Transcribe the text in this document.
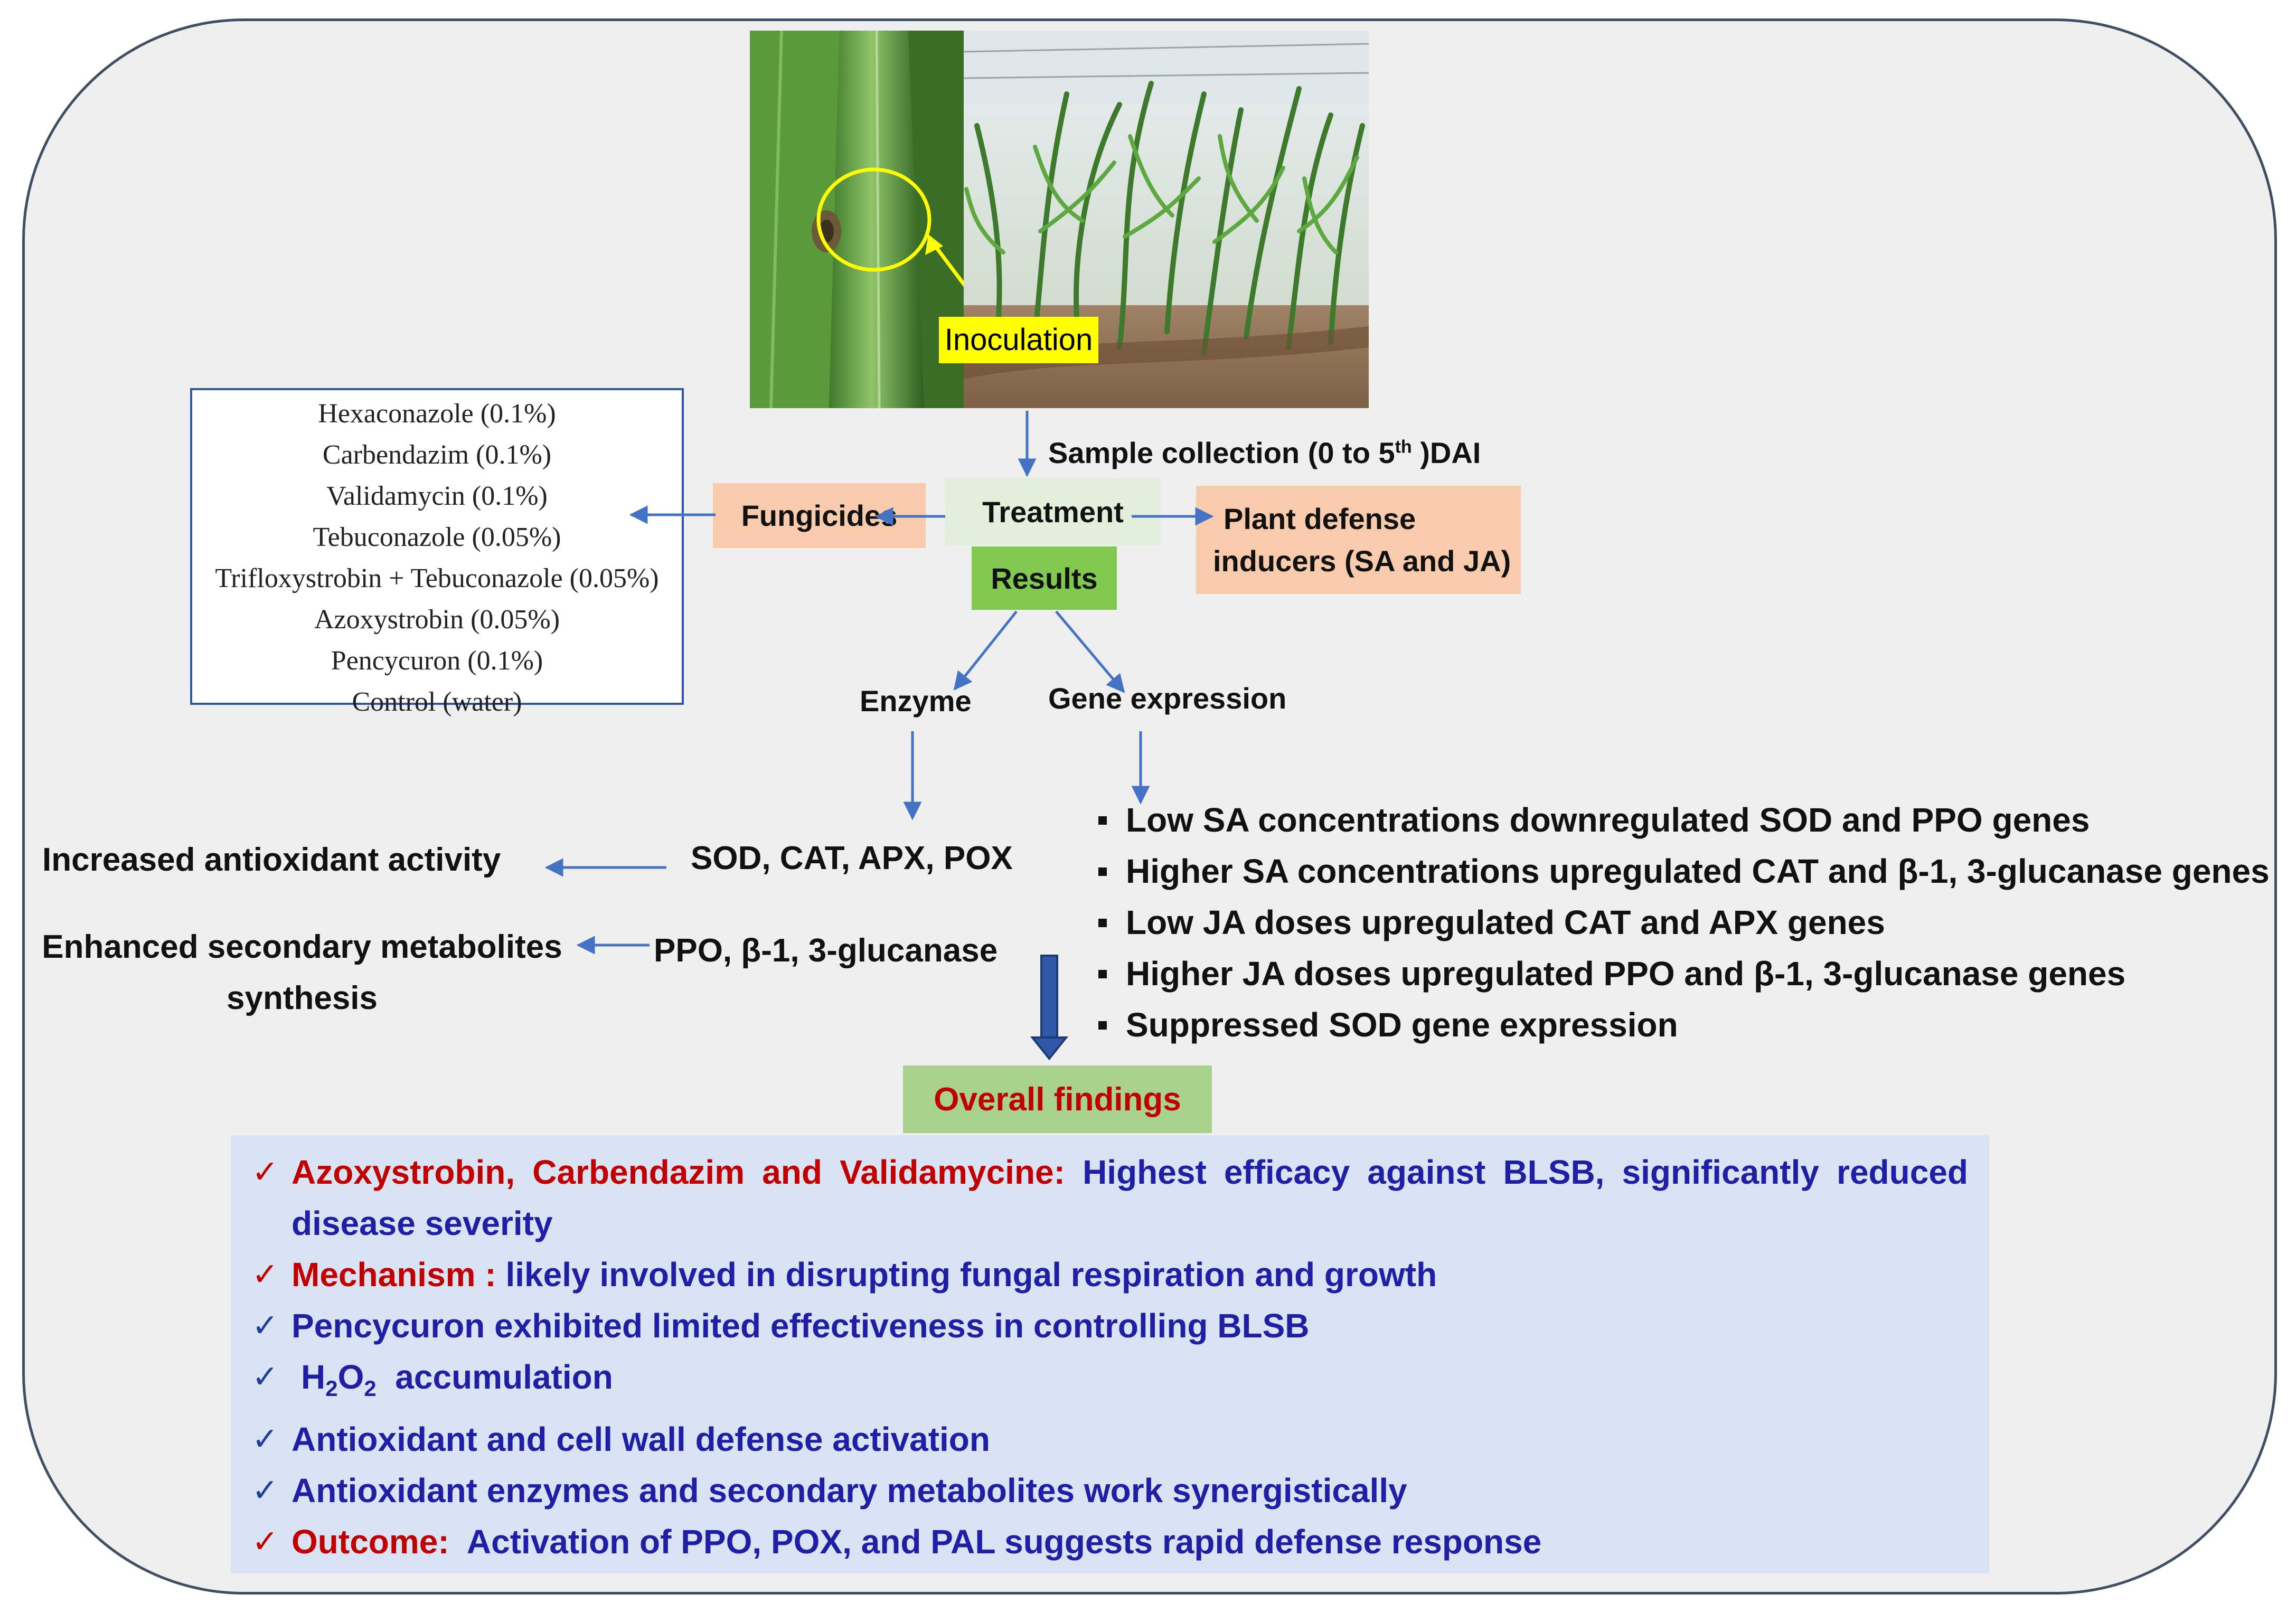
Inoculation
Sample collection (0 to 5th )DAI
Hexaconazole (0.1%)
Carbendazim (0.1%)
Validamycin (0.1%)
Tebuconazole (0.05%)
Trifloxystrobin + Tebuconazole (0.05%)
Azoxystrobin (0.05%)
Pencycuron (0.1%)
Control (water)
Fungicides	Treatment	Plant defense
inducers (SA and JA)
Results
Enzyme	Gene expression
SOD, CAT, APX, POX
Increased antioxidant activity
PPO, β-1, 3-glucanase
Enhanced secondary metabolites
synthesis
Low SA concentrations downregulated SOD and PPO genes
Higher SA concentrations upregulated CAT and β-1, 3-glucanase genes
Low JA doses upregulated CAT and APX genes
Higher JA doses upregulated PPO and β-1, 3-glucanase genes
Suppressed SOD gene expression
Overall findings
✓ Azoxystrobin, Carbendazim and Validamycine: Highest efficacy against BLSB, significantly reduced
disease severity
✓ Mechanism : likely involved in disrupting fungal respiration and growth
✓ Pencycuron exhibited limited effectiveness in controlling BLSB
✓ $H_2O_2$ accumulation
✓ Antioxidant and cell wall defense activation
✓ Antioxidant enzymes and secondary metabolites work synergistically
✓ Outcome: Activation of PPO, POX, and PAL suggests rapid defense response
